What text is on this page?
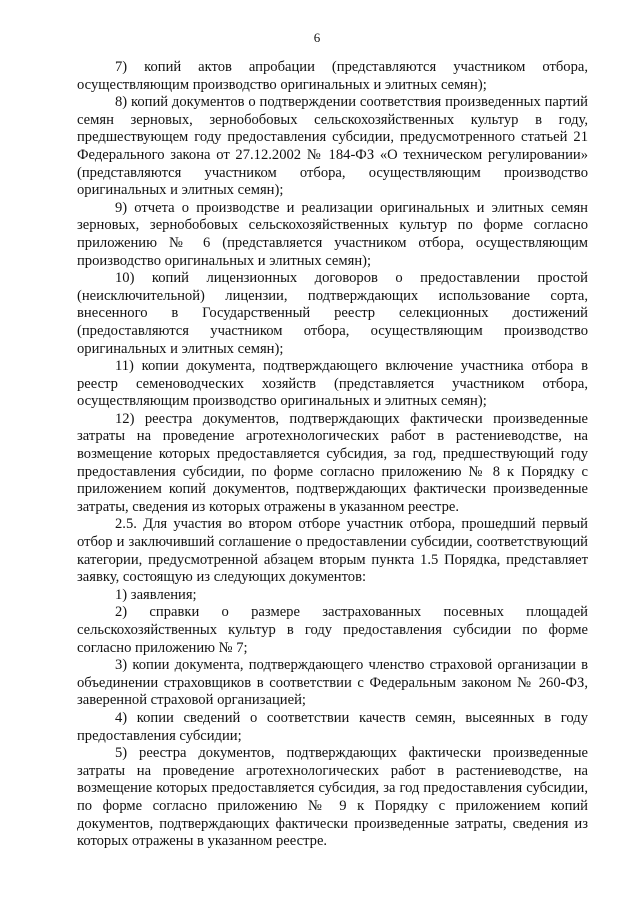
6

7) копий актов апробации (представляются участником отбора, осуществляющим производство оригинальных и элитных семян);

8) копий документов о подтверждении соответствия произведенных партий семян зерновых, зернобобовых сельскохозяйственных культур в году, предшествующем году предоставления субсидии, предусмотренного статьей 21 Федерального закона от 27.12.2002 № 184-ФЗ «О техническом регулировании» (представляются участником отбора, осуществляющим производство оригинальных и элитных семян);

9) отчета о производстве и реализации оригинальных и элитных семян зерновых, зернобобовых сельскохозяйственных культур по форме согласно приложению № 6 (представляется участником отбора, осуществляющим производство оригинальных и элитных семян);

10) копий лицензионных договоров о предоставлении простой (неисключительной) лицензии, подтверждающих использование сорта, внесенного в Государственный реестр селекционных достижений (предоставляются участником отбора, осуществляющим производство оригинальных и элитных семян);

11) копии документа, подтверждающего включение участника отбора в реестр семеноводческих хозяйств (представляется участником отбора, осуществляющим производство оригинальных и элитных семян);

12) реестра документов, подтверждающих фактически произведенные затраты на проведение агротехнологических работ в растениеводстве, на возмещение которых предоставляется субсидия, за год, предшествующий году предоставления субсидии, по форме согласно приложению № 8 к Порядку с приложением копий документов, подтверждающих фактически произведенные затраты, сведения из которых отражены в указанном реестре.

2.5. Для участия во втором отборе участник отбора, прошедший первый отбор и заключивший соглашение о предоставлении субсидии, соответствующий категории, предусмотренной абзацем вторым пункта 1.5 Порядка, представляет заявку, состоящую из следующих документов:

1) заявления;

2) справки о размере застрахованных посевных площадей сельскохозяйственных культур в году предоставления субсидии по форме согласно приложению № 7;

3) копии документа, подтверждающего членство страховой организации в объединении страховщиков в соответствии с Федеральным законом № 260-ФЗ, заверенной страховой организацией;

4) копии сведений о соответствии качеств семян, высеянных в году предоставления субсидии;

5) реестра документов, подтверждающих фактически произведенные затраты на проведение агротехнологических работ в растениеводстве, на возмещение которых предоставляется субсидия, за год предоставления субсидии, по форме согласно приложению № 9 к Порядку с приложением копий документов, подтверждающих фактически произведенные затраты, сведения из которых отражены в указанном реестре.
